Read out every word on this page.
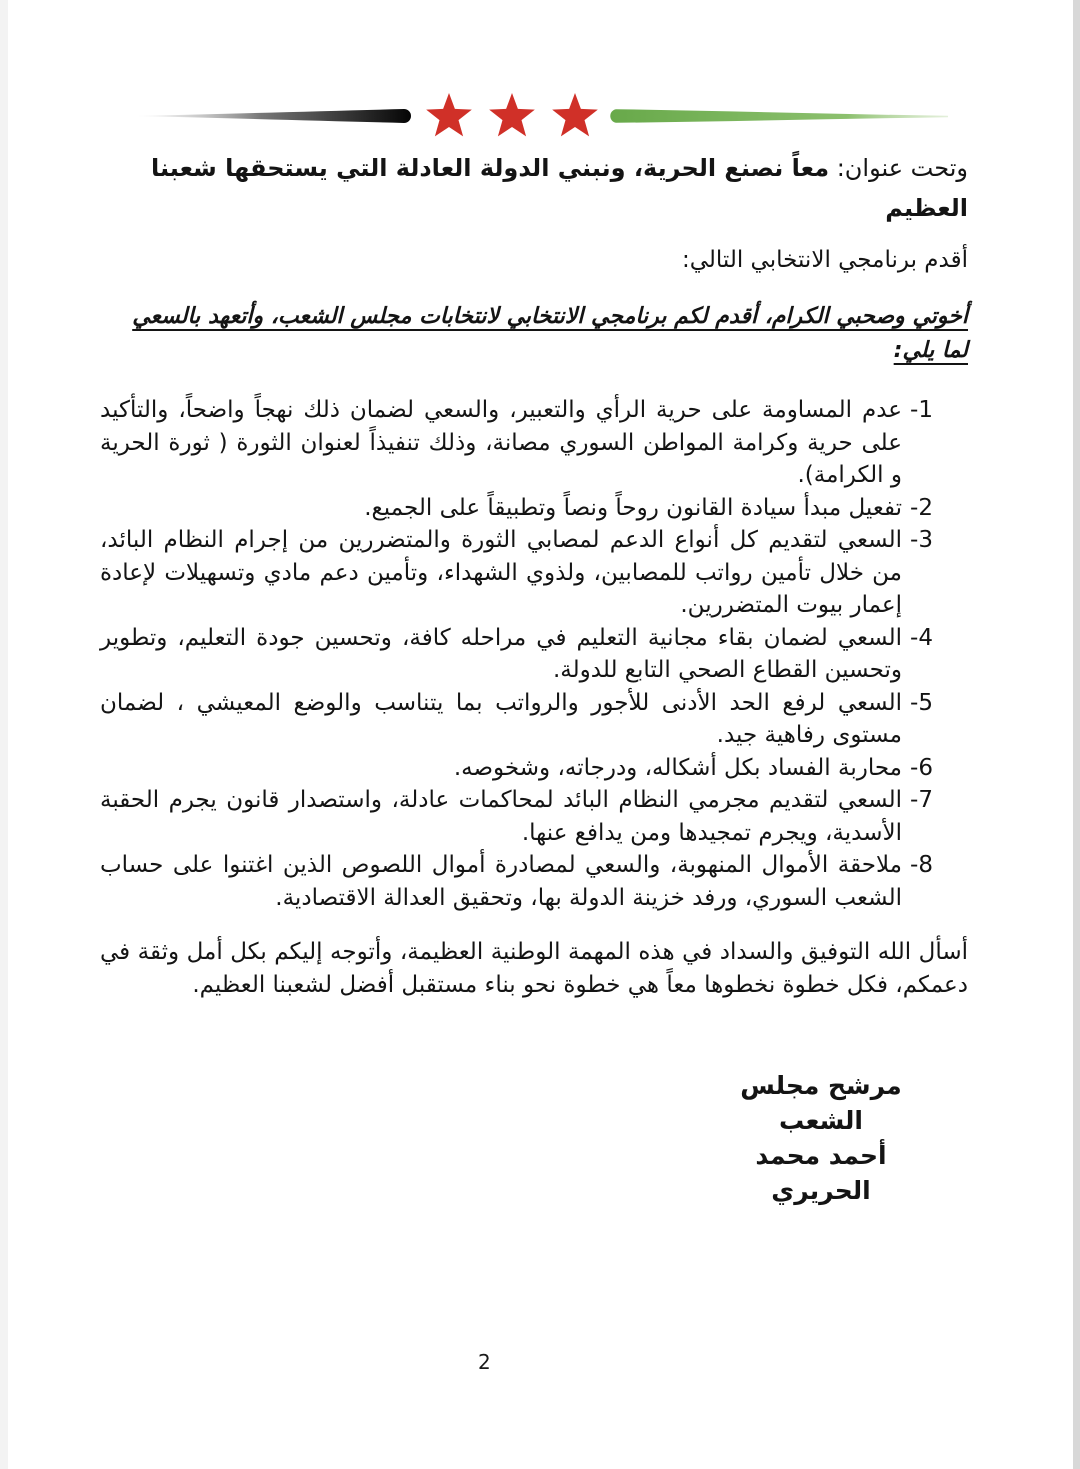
وتحت عنوان: معاً نصنع الحرية، ونبني الدولة العادلة التي يستحقها شعبنا العظيم

أقدم برنامجي الانتخابي التالي:

أخوتي وصحبي الكرام، أقدم لكم برنامجي الانتخابي لانتخابات مجلس الشعب، وأتعهد بالسعي لما يلي:

1-
عدم المساومة على حرية الرأي والتعبير، والسعي لضمان ذلك نهجاً واضحاً، والتأكيد على حرية وكرامة المواطن السوري مصانة، وذلك تنفيذاً لعنوان الثورة ( ثورة الحرية و الكرامة).
2-
تفعيل مبدأ سيادة القانون روحاً ونصاً وتطبيقاً على الجميع.
3-
السعي لتقديم كل أنواع الدعم لمصابي الثورة والمتضررين من إجرام النظام البائد، من خلال تأمين رواتب للمصابين، ولذوي الشهداء، وتأمين دعم مادي وتسهيلات لإعادة إعمار بيوت المتضررين.
4-
السعي لضمان بقاء مجانية التعليم في مراحله كافة، وتحسين جودة التعليم، وتطوير وتحسين القطاع الصحي التابع للدولة.
5-
السعي لرفع الحد الأدنى للأجور والرواتب بما يتناسب والوضع المعيشي ، لضمان مستوى رفاهية جيد.
6-
محاربة الفساد بكل أشكاله، ودرجاته، وشخوصه.
7-
السعي لتقديم مجرمي النظام البائد لمحاكمات عادلة، واستصدار قانون يجرم الحقبة الأسدية، ويجرم تمجيدها ومن يدافع عنها.
8-
ملاحقة الأموال المنهوبة، والسعي لمصادرة أموال اللصوص الذين اغتنوا على حساب الشعب السوري، ورفد خزينة الدولة بها، وتحقيق العدالة الاقتصادية.

أسأل الله التوفيق والسداد في هذه المهمة الوطنية العظيمة، وأتوجه إليكم بكل أمل وثقة في دعمكم، فكل خطوة نخطوها معاً هي خطوة نحو بناء مستقبل أفضل لشعبنا العظيم.

مرشح مجلس الشعب
أحمد محمد الحريري
2
